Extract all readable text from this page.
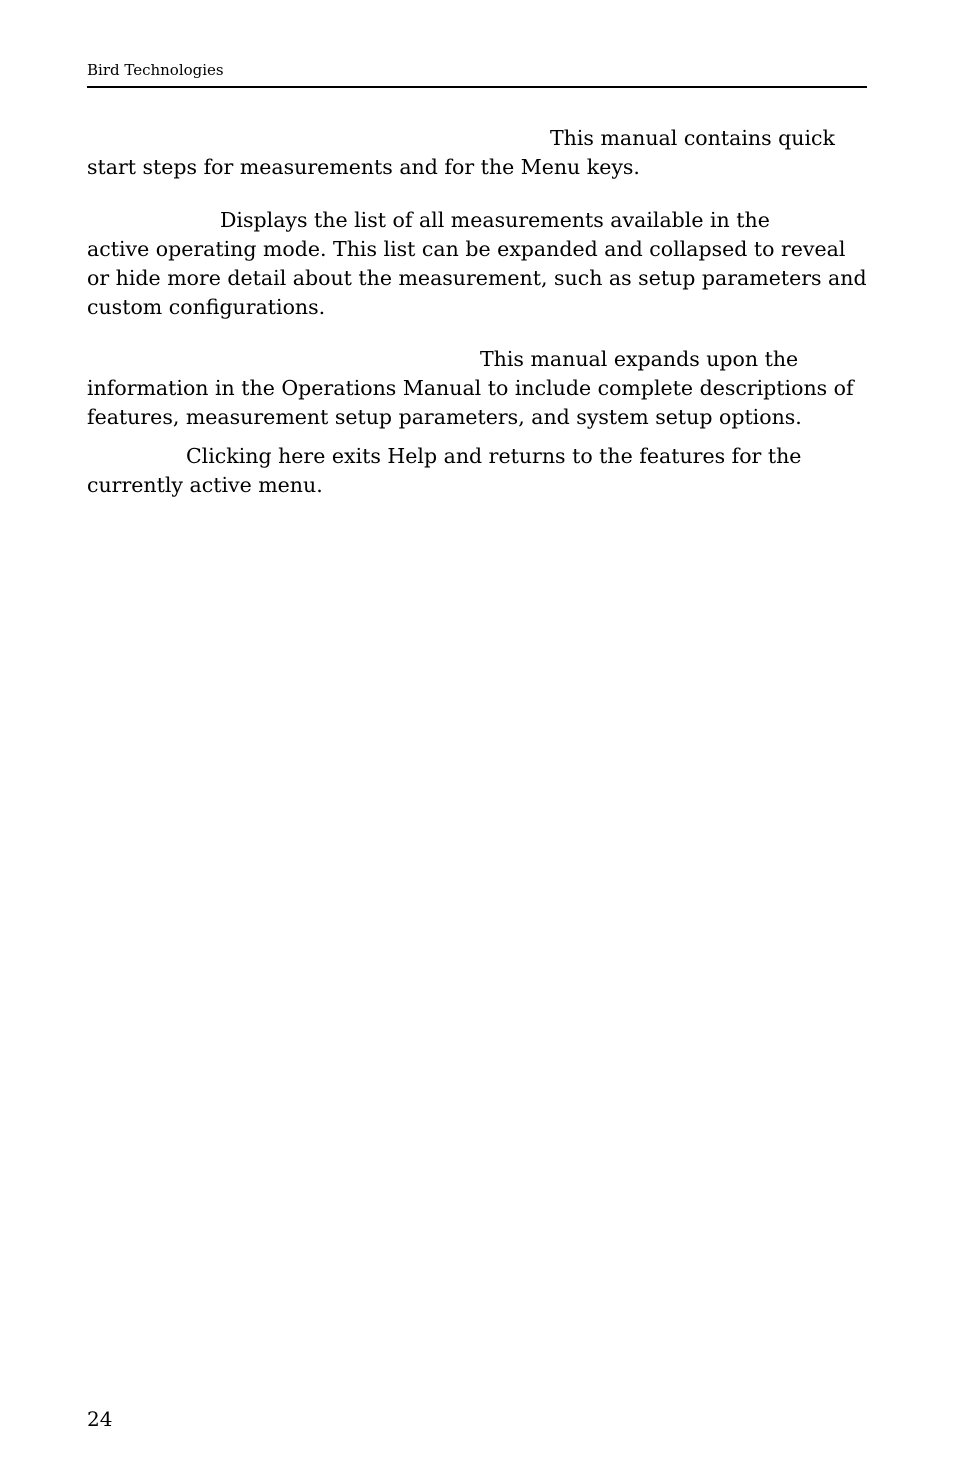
Bird Technologies

This manual contains quick
start steps for measurements and for the Menu keys.

Displays the list of all measurements available in the
active operating mode. This list can be expanded and collapsed to reveal or hide more detail about the measurement, such as setup parameters and custom configurations.

This manual expands upon the
information in the Operations Manual to include complete descriptions of features, measurement setup parameters, and system setup options.

Clicking here exits Help and returns to the features for the
currently active menu.

24
